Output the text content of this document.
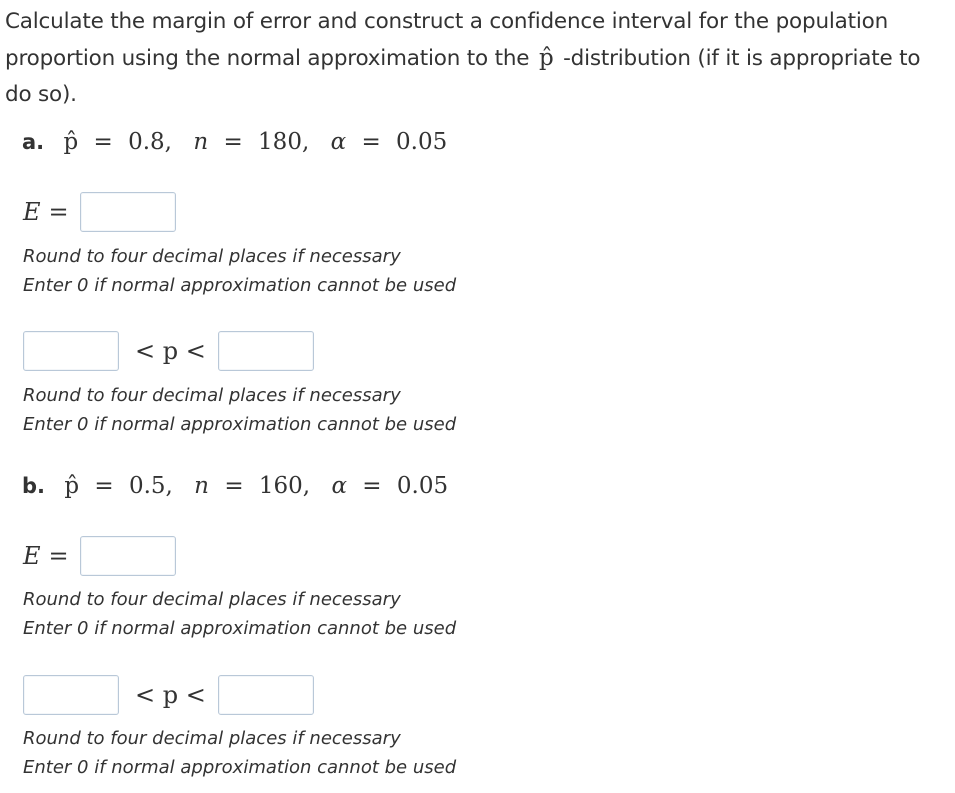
Calculate the margin of error and construct a confidence interval for the population proportion using the normal approximation to the p̂ -distribution (if it is appropriate to do so).
a. p̂ = 0.8, n = 180, α = 0.05
E =
Round to four decimal places if necessary
Enter 0 if normal approximation cannot be used
< p <
Round to four decimal places if necessary
Enter 0 if normal approximation cannot be used
b. p̂ = 0.5, n = 160, α = 0.05
E =
Round to four decimal places if necessary
Enter 0 if normal approximation cannot be used
< p <
Round to four decimal places if necessary
Enter 0 if normal approximation cannot be used
